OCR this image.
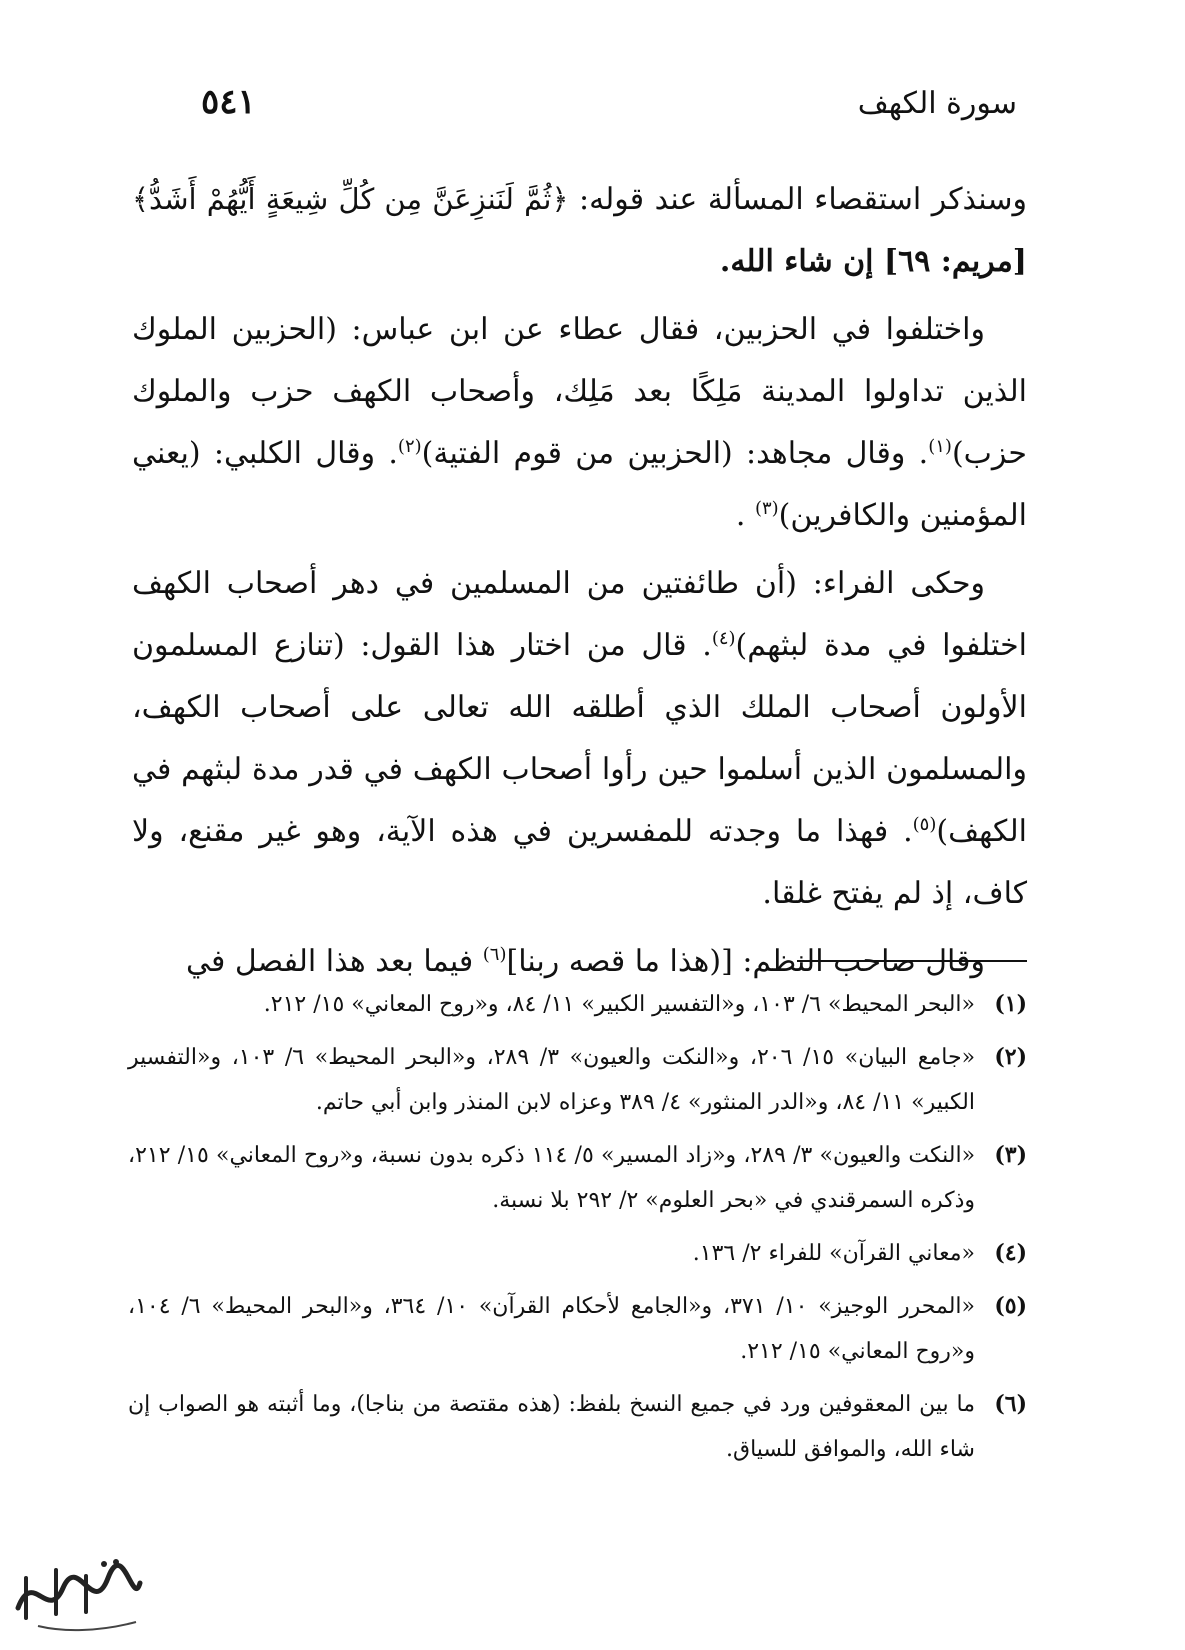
سورة الكهف
٥٤١

وسنذكر استقصاء المسألة عند قوله: ﴿ثُمَّ لَنَنزِعَنَّ مِن كُلِّ شِيعَةٍ أَيُّهُمْ أَشَدُّ﴾ [مريم: ٦٩] إن شاء الله.

واختلفوا في الحزبين، فقال عطاء عن ابن عباس: (الحزبين الملوك الذين تداولوا المدينة مَلِكًا بعد مَلِك، وأصحاب الكهف حزب والملوك حزب)$^{(١)}$. وقال مجاهد: (الحزبين من قوم الفتية)$^{(٢)}$. وقال الكلبي: (يعني المؤمنين والكافرين)$^{(٣)}$ .

وحكى الفراء: (أن طائفتين من المسلمين في دهر أصحاب الكهف اختلفوا في مدة لبثهم)$^{(٤)}$. قال من اختار هذا القول: (تنازع المسلمون الأولون أصحاب الملك الذي أطلقه الله تعالى على أصحاب الكهف، والمسلمون الذين أسلموا حين رأوا أصحاب الكهف في قدر مدة لبثهم في الكهف)$^{(٥)}$. فهذا ما وجدته للمفسرين في هذه الآية، وهو غير مقنع، ولا كاف، إذ لم يفتح غلقا.

وقال صاحب النظم: [(هذا ما قصه ربنا]$^{(٦)}$ فيما بعد هذا الفصل في

(١)
«البحر المحيط» ٦/ ١٠٣، و«التفسير الكبير» ١١/ ٨٤، و«روح المعاني» ١٥/ ٢١٢.
(٢)
«جامع البيان» ١٥/ ٢٠٦، و«النكت والعيون» ٣/ ٢٨٩، و«البحر المحيط» ٦/ ١٠٣، و«التفسير الكبير» ١١/ ٨٤، و«الدر المنثور» ٤/ ٣٨٩ وعزاه لابن المنذر وابن أبي حاتم.
(٣)
«النكت والعيون» ٣/ ٢٨٩، و«زاد المسير» ٥/ ١١٤ ذكره بدون نسبة، و«روح المعاني» ١٥/ ٢١٢، وذكره السمرقندي في «بحر العلوم» ٢/ ٢٩٢ بلا نسبة.
(٤)
«معاني القرآن» للفراء ٢/ ١٣٦.
(٥)
«المحرر الوجيز» ١٠/ ٣٧١، و«الجامع لأحكام القرآن» ١٠/ ٣٦٤، و«البحر المحيط» ٦/ ١٠٤، و«روح المعاني» ١٥/ ٢١٢.
(٦)
ما بين المعقوفين ورد في جميع النسخ بلفظ: (هذه مقتصة من بناجا)، وما أثبته هو الصواب إن شاء الله، والموافق للسياق.
